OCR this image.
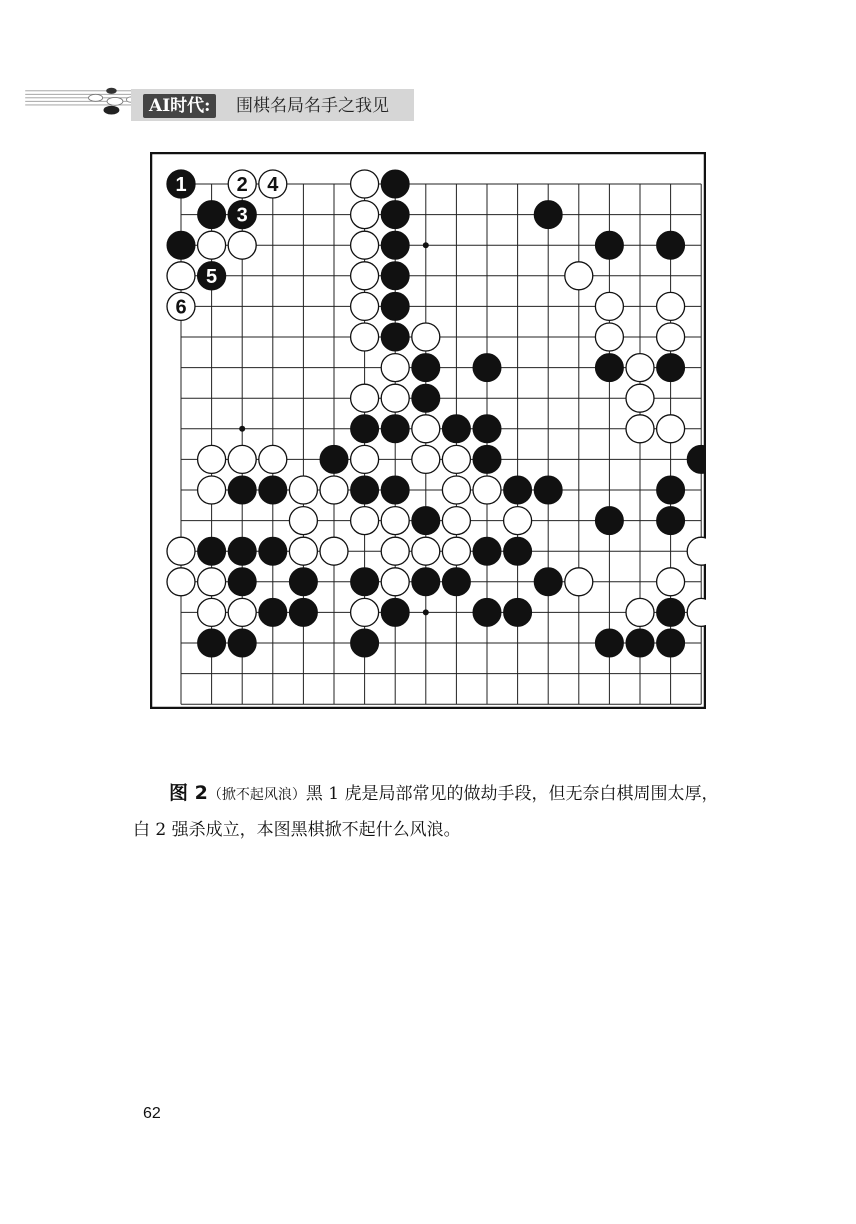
AI时代:	围棋名局名手之我见
1	2
3
4
5
6
图 2（掀不起风浪）黑 1 虎是局部常见的做劫手段，但无奈白棋周围太厚，白 2 强杀成立，本图黑棋掀不起什么风浪。
62
